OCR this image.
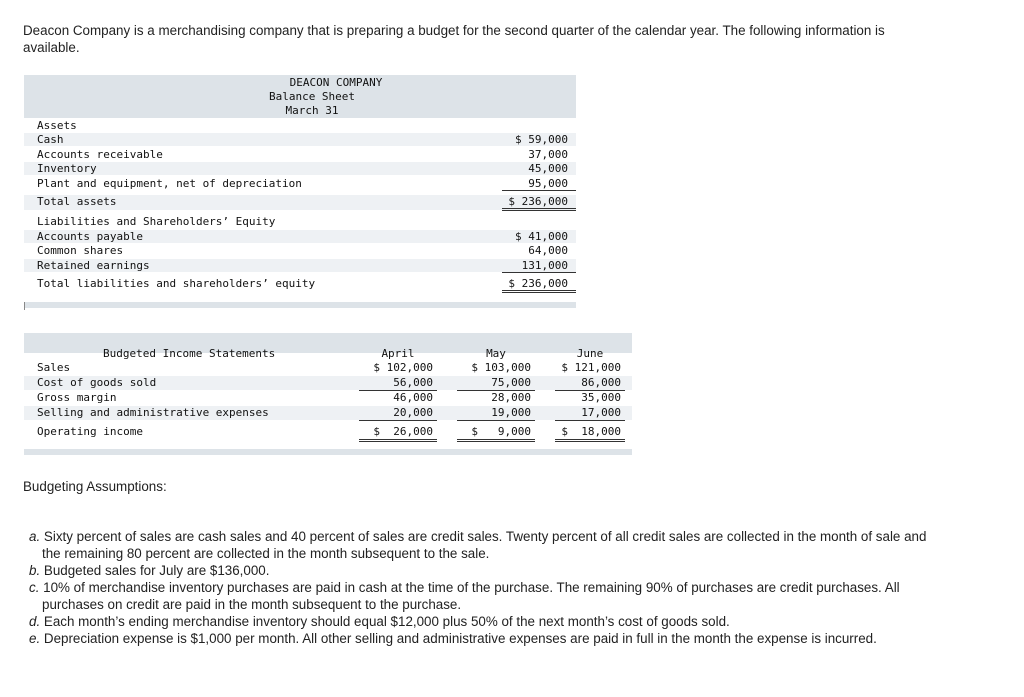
Deacon Company is a merchandising company that is preparing a budget for the second quarter of the calendar year. The following information is available.

DEACON COMPANY
Balance Sheet
March 31
Assets
Cash	$ 59,000
Accounts receivable	37,000
Inventory	45,000
Plant and equipment, net of depreciation	95,000
Total assets	$ 236,000
Liabilities and Shareholders’ Equity
Accounts payable	$ 41,000
Common shares	64,000
Retained earnings	131,000
Total liabilities and shareholders’ equity	$ 236,000
Budgeted Income Statements	April	May	June
Sales	$ 102,000	$ 103,000	$ 121,000
Cost of goods sold	56,000	75,000	86,000
Gross margin	46,000	28,000	35,000
Selling and administrative expenses	20,000	19,000	17,000
Operating income	$  26,000	$   9,000	$  18,000
Budgeting Assumptions:
a. Sixty percent of sales are cash sales and 40 percent of sales are credit sales. Twenty percent of all credit sales are collected in the month of sale and the remaining 80 percent are collected in the month subsequent to the sale.
b. Budgeted sales for July are $136,000.
c. 10% of merchandise inventory purchases are paid in cash at the time of the purchase. The remaining 90% of purchases are credit purchases. All purchases on credit are paid in the month subsequent to the purchase.
d. Each month’s ending merchandise inventory should equal $12,000 plus 50% of the next month’s cost of goods sold.
e. Depreciation expense is $1,000 per month. All other selling and administrative expenses are paid in full in the month the expense is incurred.
